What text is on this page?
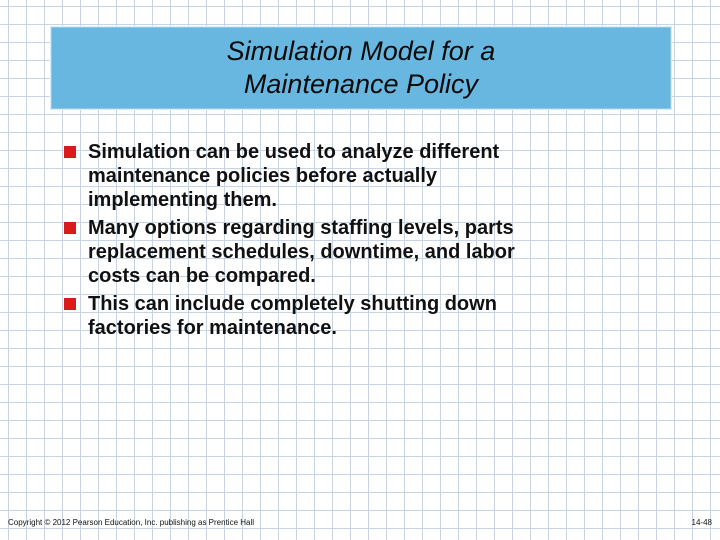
Simulation Model for a
Maintenance Policy
Simulation can be used to analyze different
maintenance policies before actually
implementing them.
Many options regarding staffing levels, parts
replacement schedules, downtime, and labor
costs can be compared.
This can include completely shutting down
factories for maintenance.
Copyright © 2012 Pearson Education, Inc. publishing as Prentice Hall	14-48
